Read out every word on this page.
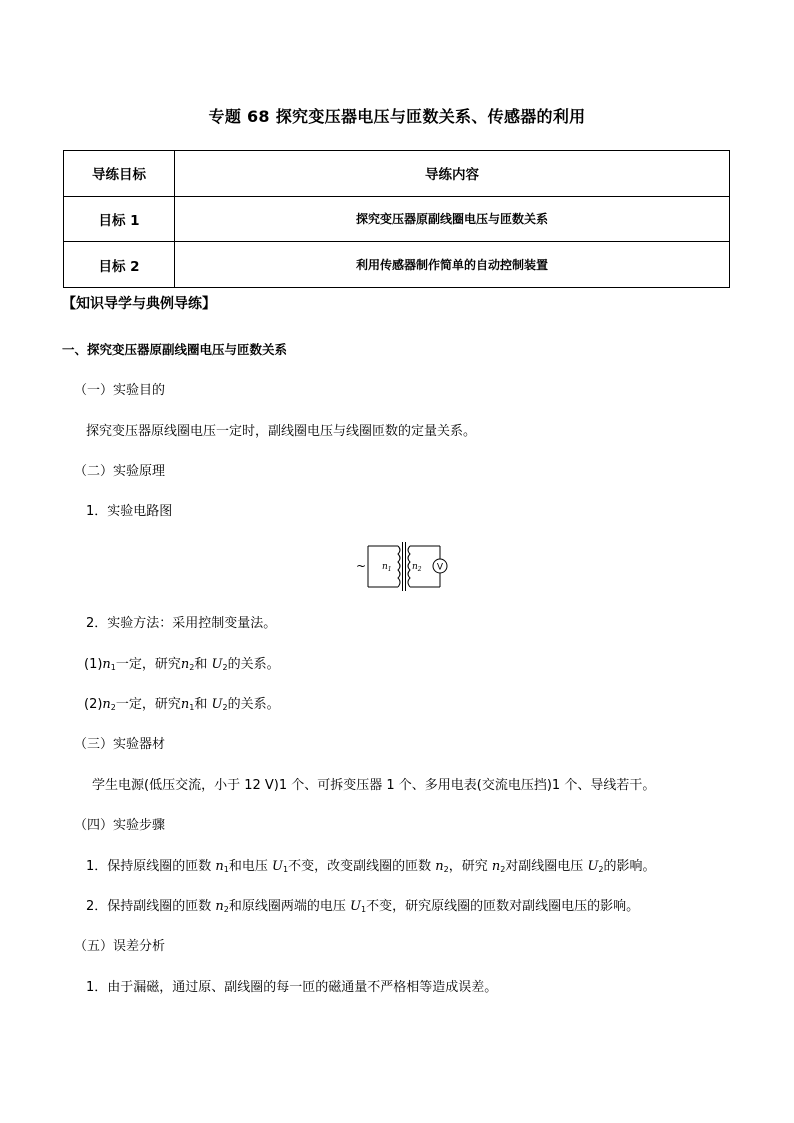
专题 68 探究变压器电压与匝数关系、传感器的利用
导练目标	导练内容
目标 1	探究变压器原副线圈电压与匝数关系
目标 2	利用传感器制作简单的自动控制装置
【知识导学与典例导练】
一、探究变压器原副线圈电压与匝数关系
（一）实验目的
探究变压器原线圈电压一定时，副线圈电压与线圈匝数的定量关系。
（二）实验原理
1．实验电路图
~	V
$n_1$ $n_2$
2．实验方法：采用控制变量法。
$(1)n_1$一定，研究$n_2$和 $U_2$的关系。
$(2)n_2$一定，研究$n_1$和 $U_2$的关系。
（三）实验器材
学生电源(低压交流，小于 12 V)1 个、可拆变压器 1 个、多用电表(交流电压挡)1 个、导线若干。
（四）实验步骤
1．保持原线圈的匝数 $n_1$和电压 $U_1$不变，改变副线圈的匝数 $n_2$，研究 $n_2$对副线圈电压 $U_2$的影响。
2．保持副线圈的匝数 $n_2$和原线圈两端的电压 $U_1$不变，研究原线圈的匝数对副线圈电压的影响。
（五）误差分析
1．由于漏磁，通过原、副线圈的每一匝的磁通量不严格相等造成误差。
